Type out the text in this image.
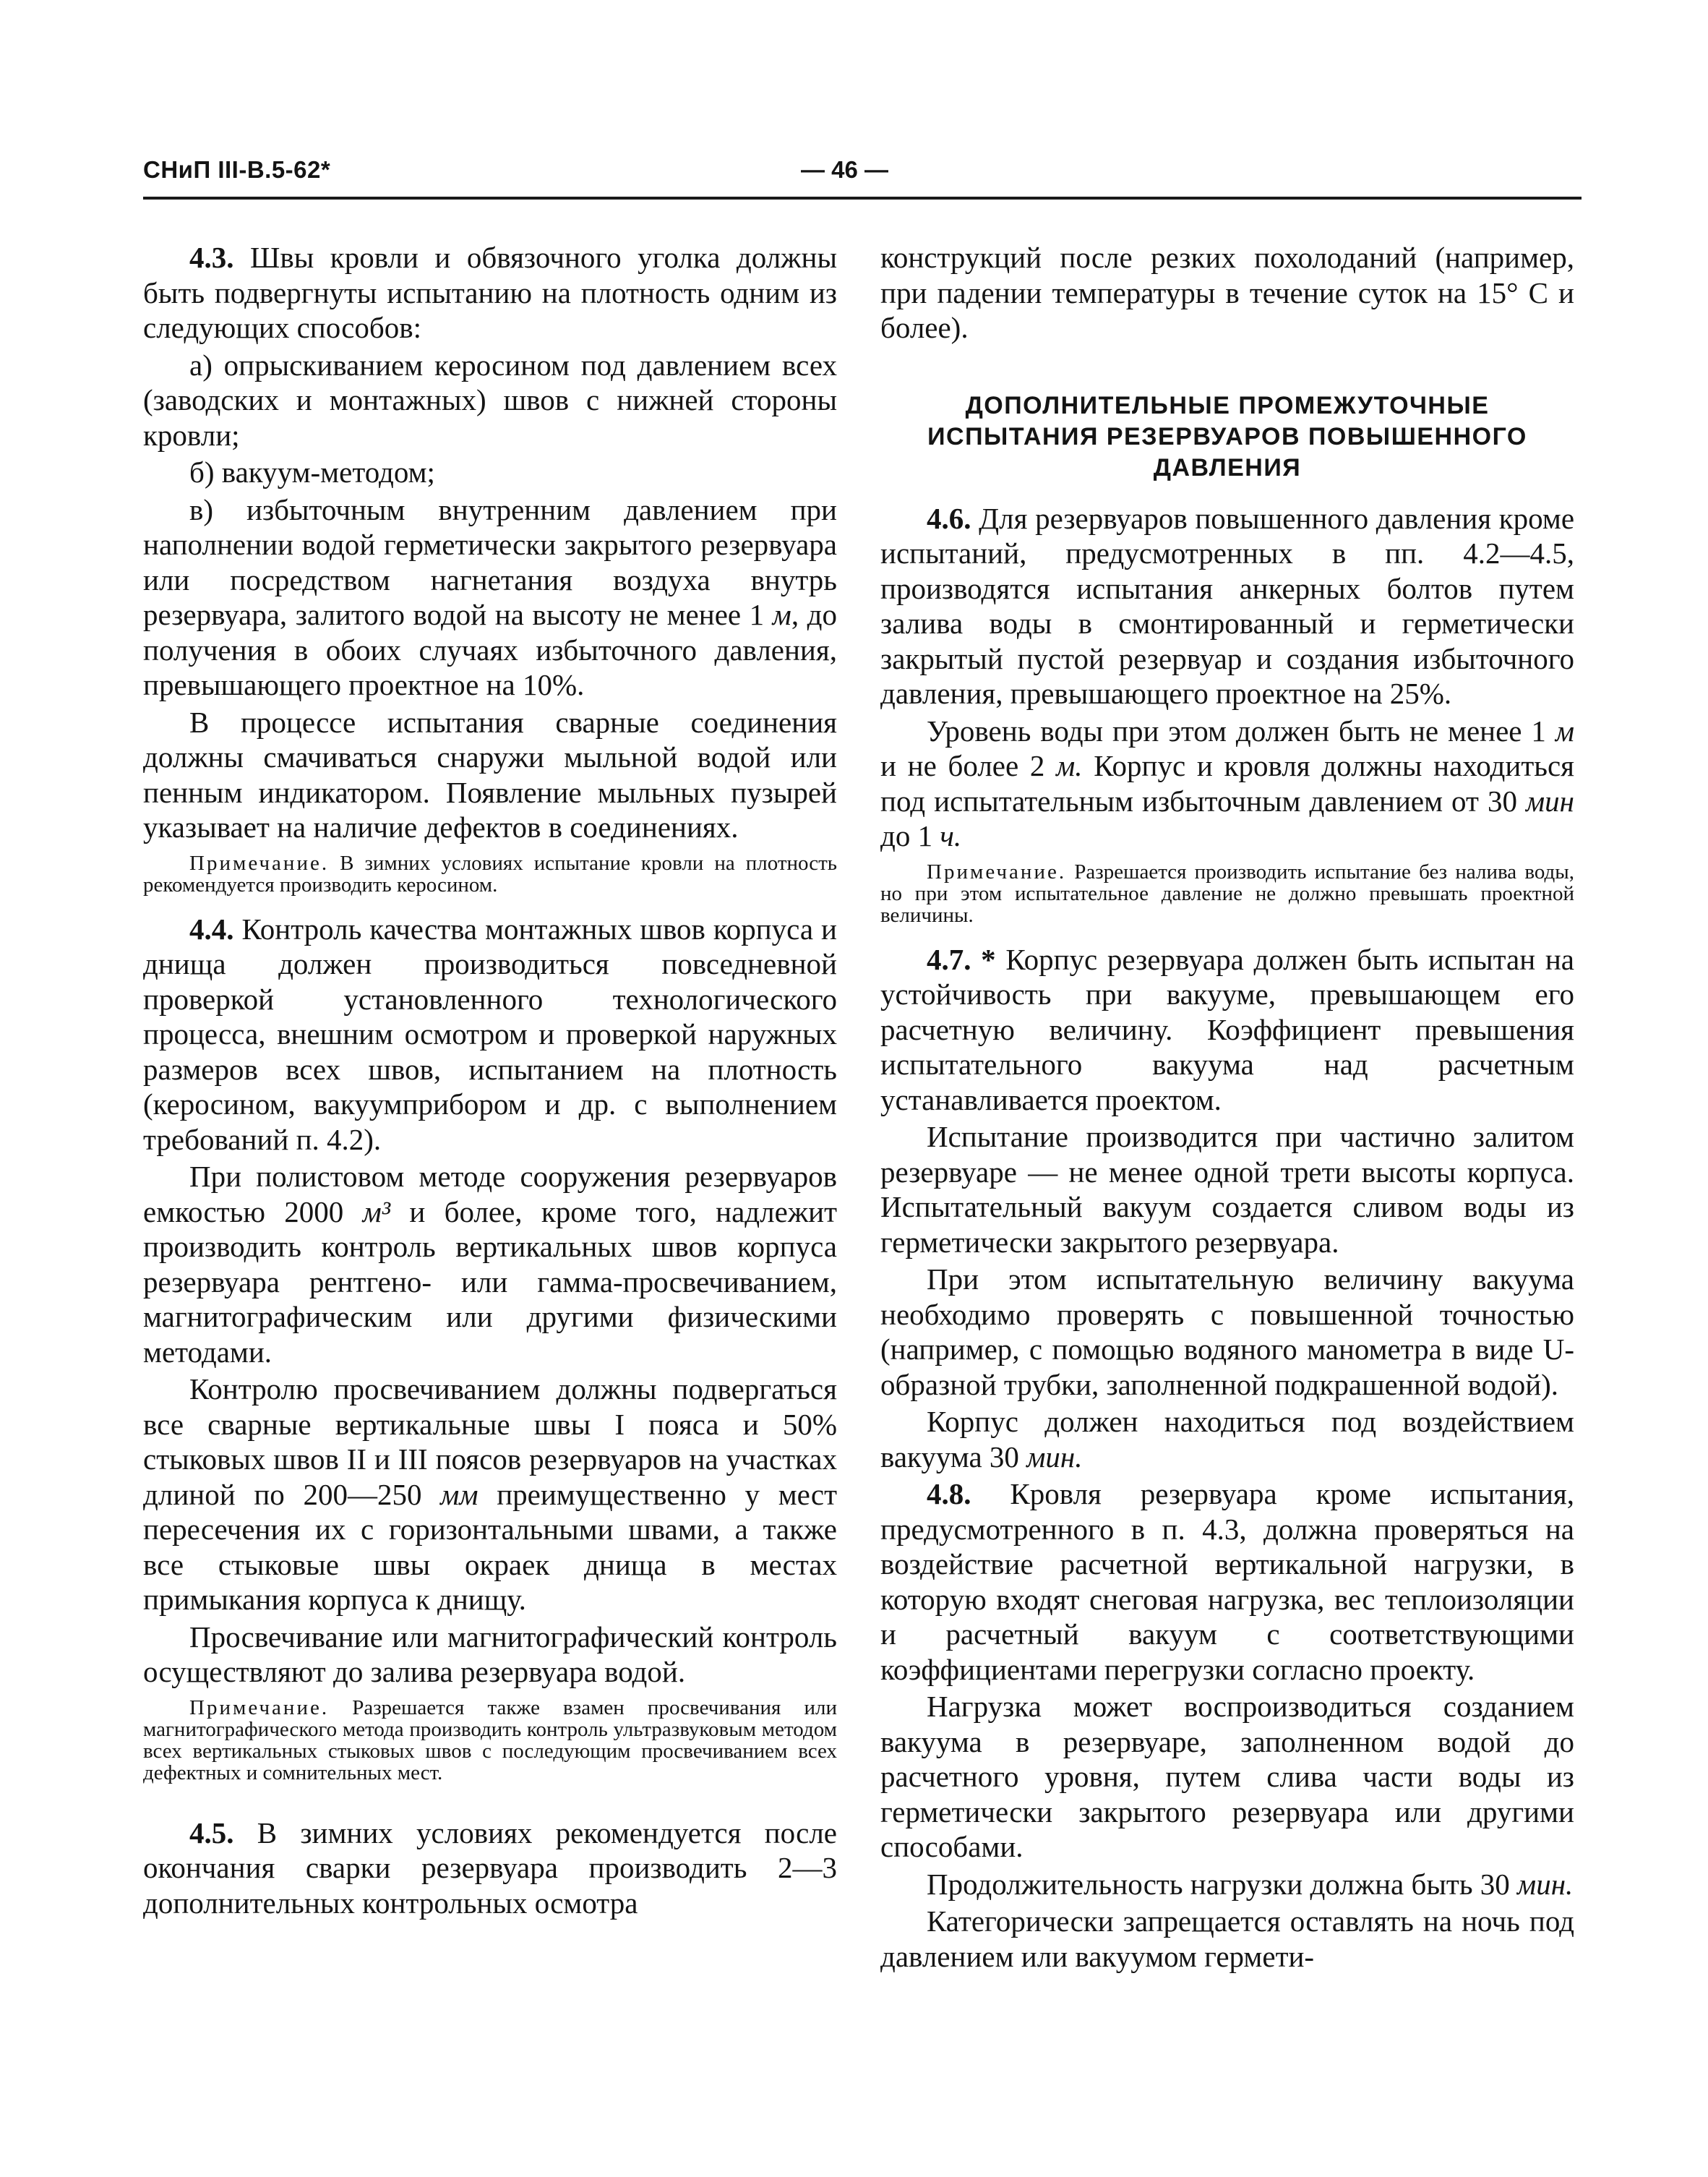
СНиП III-В.5-62*	— 46 —

4.3. Швы кровли и обвязочного уголка должны быть подвергнуты испытанию на плотность одним из следующих способов:

а) опрыскиванием керосином под давлением всех (заводских и монтажных) швов с нижней стороны кровли;

б) вакуум-методом;

в) избыточным внутренним давлением при наполнении водой герметически закрытого резервуара или посредством нагнетания воздуха внутрь резервуара, залитого водой на высоту не менее 1 м, до получения в обоих случаях избыточного давления, превышающего проектное на 10%.

В процессе испытания сварные соединения должны смачиваться снаружи мыльной водой или пенным индикатором. Появление мыльных пузырей указывает на наличие дефектов в соединениях.

Примечание. В зимних условиях испытание кровли на плотность рекомендуется производить керосином.

4.4. Контроль качества монтажных швов корпуса и днища должен производиться повседневной проверкой установленного технологического процесса, внешним осмотром и проверкой наружных размеров всех швов, испытанием на плотность (керосином, вакуумприбором и др. с выполнением требований п. 4.2).

При полистовом методе сооружения резервуаров емкостью 2000 м³ и более, кроме того, надлежит производить контроль вертикальных швов корпуса резервуара рентгено- или гамма-просвечиванием, магнитографическим или другими физическими методами.

Контролю просвечиванием должны подвергаться все сварные вертикальные швы I пояса и 50% стыковых швов II и III поясов резервуаров на участках длиной по 200—250 мм преимущественно у мест пересечения их с горизонтальными швами, а также все стыковые швы окраек днища в местах примыкания корпуса к днищу.

Просвечивание или магнитографический контроль осуществляют до залива резервуара водой.

Примечание. Разрешается также взамен просвечивания или магнитографического метода производить контроль ультразвуковым методом всех вертикальных стыковых швов с последующим просвечиванием всех дефектных и сомнительных мест.

4.5. В зимних условиях рекомендуется после окончания сварки резервуара производить 2—3 дополнительных контрольных осмотра

конструкций после резких похолоданий (например, при падении температуры в течение суток на 15° С и более).

ДОПОЛНИТЕЛЬНЫЕ ПРОМЕЖУТОЧНЫЕ ИСПЫТАНИЯ РЕЗЕРВУАРОВ ПОВЫШЕННОГО ДАВЛЕНИЯ

4.6. Для резервуаров повышенного давления кроме испытаний, предусмотренных в пп. 4.2—4.5, производятся испытания анкерных болтов путем залива воды в смонтированный и герметически закрытый пустой резервуар и создания избыточного давления, превышающего проектное на 25%.

Уровень воды при этом должен быть не менее 1 м и не более 2 м. Корпус и кровля должны находиться под испытательным избыточным давлением от 30 мин до 1 ч.

Примечание. Разрешается производить испытание без налива воды, но при этом испытательное давление не должно превышать проектной величины.

4.7. * Корпус резервуара должен быть испытан на устойчивость при вакууме, превышающем его расчетную величину. Коэффициент превышения испытательного вакуума над расчетным устанавливается проектом.

Испытание производится при частично залитом резервуаре — не менее одной трети высоты корпуса. Испытательный вакуум создается сливом воды из герметически закрытого резервуара.

При этом испытательную величину вакуума необходимо проверять с повышенной точностью (например, с помощью водяного манометра в виде U-образной трубки, заполненной подкрашенной водой).

Корпус должен находиться под воздействием вакуума 30 мин.

4.8. Кровля резервуара кроме испытания, предусмотренного в п. 4.3, должна проверяться на воздействие расчетной вертикальной нагрузки, в которую входят снеговая нагрузка, вес теплоизоляции и расчетный вакуум с соответствующими коэффициентами перегрузки согласно проекту.

Нагрузка может воспроизводиться созданием вакуума в резервуаре, заполненном водой до расчетного уровня, путем слива части воды из герметически закрытого резервуара или другими способами.

Продолжительность нагрузки должна быть 30 мин.

Категорически запрещается оставлять на ночь под давлением или вакуумом гермети-
